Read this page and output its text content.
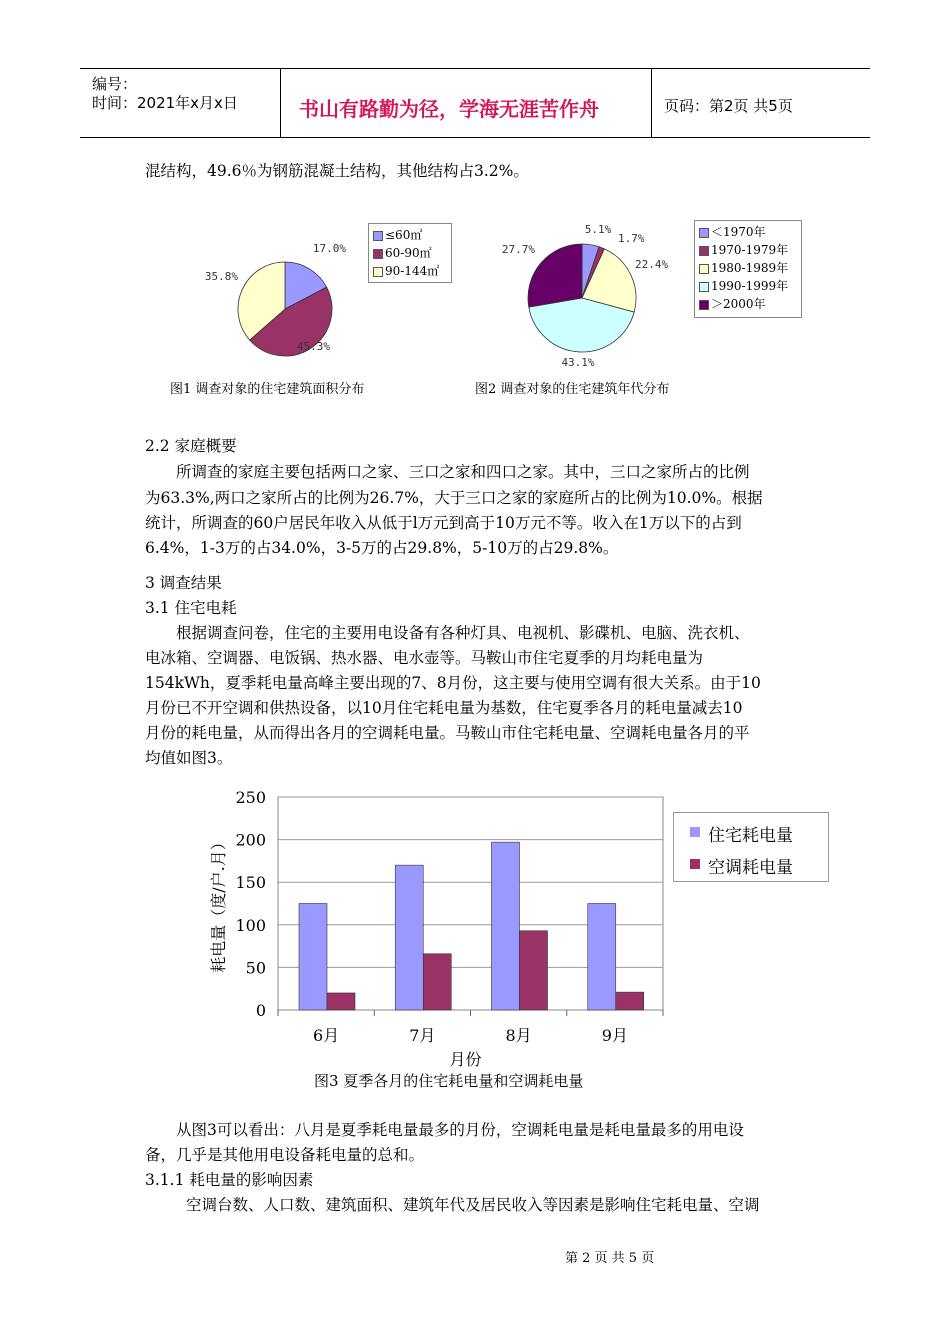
编号：
时间：2021年x月x日	书山有路勤为径，学海无涯苦作舟	页码：第2页 共5页
混结构，49.6％为钢筋混凝土结构，其他结构占3.2%。
17.0%
45.3%
35.8%
≤60㎡
60-90㎡
90-144㎡
图1 调查对象的住宅建筑面积分布
5.1%
1.7%
22.4%
43.1%
27.7%
＜1970年
1970-1979年
1980-1989年
1990-1999年
＞2000年
图2 调查对象的住宅建筑年代分布
2.2 家庭概要
所调查的家庭主要包括两口之家、三口之家和四口之家。其中，三口之家所占的比例
为63.3%,两口之家所占的比例为26.7%，大于三口之家的家庭所占的比例为10.0%。根据
统计，所调查的60户居民年收入从低于l万元到高于10万元不等。收入在1万以下的占到
6.4%，1-3万的占34.0%，3-5万的占29.8%，5-10万的占29.8%。
3 调查结果
3.1 住宅电耗
根据调查问卷，住宅的主要用电设备有各种灯具、电视机、影碟机、电脑、洗衣机、
电冰箱、空调器、电饭锅、热水器、电水壶等。马鞍山市住宅夏季的月均耗电量为
154kWh，夏季耗电量高峰主要出现的7、8月份，这主要与使用空调有很大关系。由于10
月份已不开空调和供热设备，以10月住宅耗电量为基数，住宅夏季各月的耗电量减去10
月份的耗电量，从而得出各月的空调耗电量。马鞍山市住宅耗电量、空调耗电量各月的平
均值如图3。
0
50
100
150
200
250
6月	7月	8月	9月
月份
耗电量（度/户.月）	住宅耗电量
空调耗电量
图3 夏季各月的住宅耗电量和空调耗电量
从图3可以看出：八月是夏季耗电量最多的月份，空调耗电量是耗电量最多的用电设
备，几乎是其他用电设备耗电量的总和。
3.1.1 耗电量的影响因素
空调台数、人口数、建筑面积、建筑年代及居民收入等因素是影响住宅耗电量、空调
第 2 页 共 5 页
